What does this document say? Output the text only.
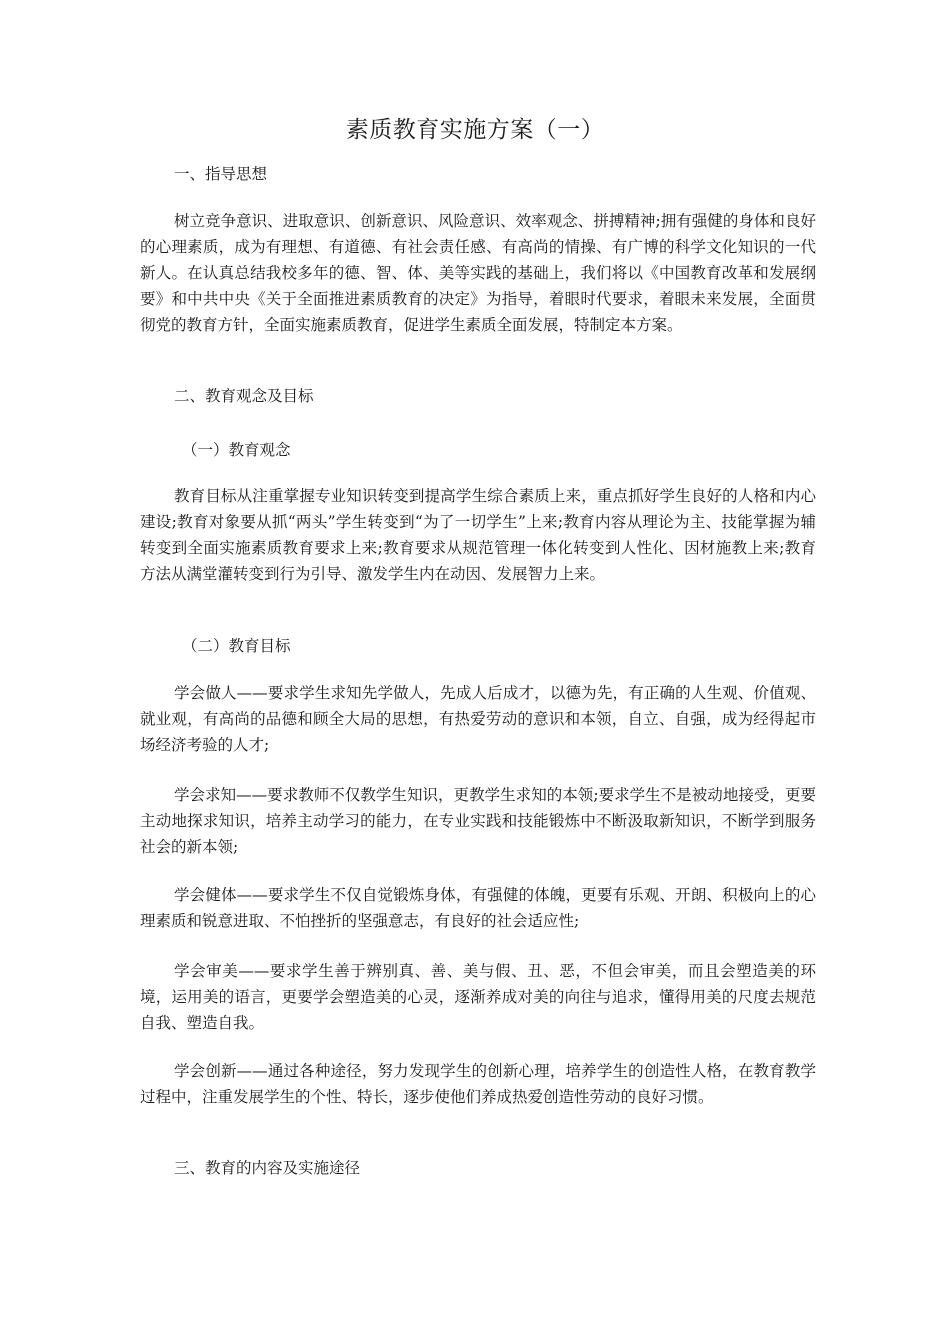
素质教育实施方案（一）

一、指导思想

树立竞争意识、进取意识、创新意识、风险意识、效率观念、拼搏精神;拥有强健的身体和良好的心理素质，成为有理想、有道德、有社会责任感、有高尚的情操、有广博的科学文化知识的一代新人。在认真总结我校多年的德、智、体、美等实践的基础上，我们将以《中国教育改革和发展纲要》和中共中央《关于全面推进素质教育的决定》为指导，着眼时代要求，着眼未来发展，全面贯彻党的教育方针，全面实施素质教育，促进学生素质全面发展，特制定本方案。

二、教育观念及目标

（一）教育观念

教育目标从注重掌握专业知识转变到提高学生综合素质上来，重点抓好学生良好的人格和内心建设;教育对象要从抓“两头”学生转变到“为了一切学生”上来;教育内容从理论为主、技能掌握为辅转变到全面实施素质教育要求上来;教育要求从规范管理一体化转变到人性化、因材施教上来;教育方法从满堂灌转变到行为引导、激发学生内在动因、发展智力上来。

（二）教育目标

学会做人——要求学生求知先学做人，先成人后成才，以德为先，有正确的人生观、价值观、就业观，有高尚的品德和顾全大局的思想，有热爱劳动的意识和本领，自立、自强，成为经得起市场经济考验的人才;

学会求知——要求教师不仅教学生知识，更教学生求知的本领;要求学生不是被动地接受，更要主动地探求知识，培养主动学习的能力，在专业实践和技能锻炼中不断汲取新知识，不断学到服务社会的新本领;

学会健体——要求学生不仅自觉锻炼身体，有强健的体魄，更要有乐观、开朗、积极向上的心理素质和锐意进取、不怕挫折的坚强意志，有良好的社会适应性;

学会审美——要求学生善于辨别真、善、美与假、丑、恶，不但会审美，而且会塑造美的环境，运用美的语言，更要学会塑造美的心灵，逐渐养成对美的向往与追求，懂得用美的尺度去规范自我、塑造自我。

学会创新——通过各种途径，努力发现学生的创新心理，培养学生的创造性人格，在教育教学过程中，注重发展学生的个性、特长，逐步使他们养成热爱创造性劳动的良好习惯。

三、教育的内容及实施途径
